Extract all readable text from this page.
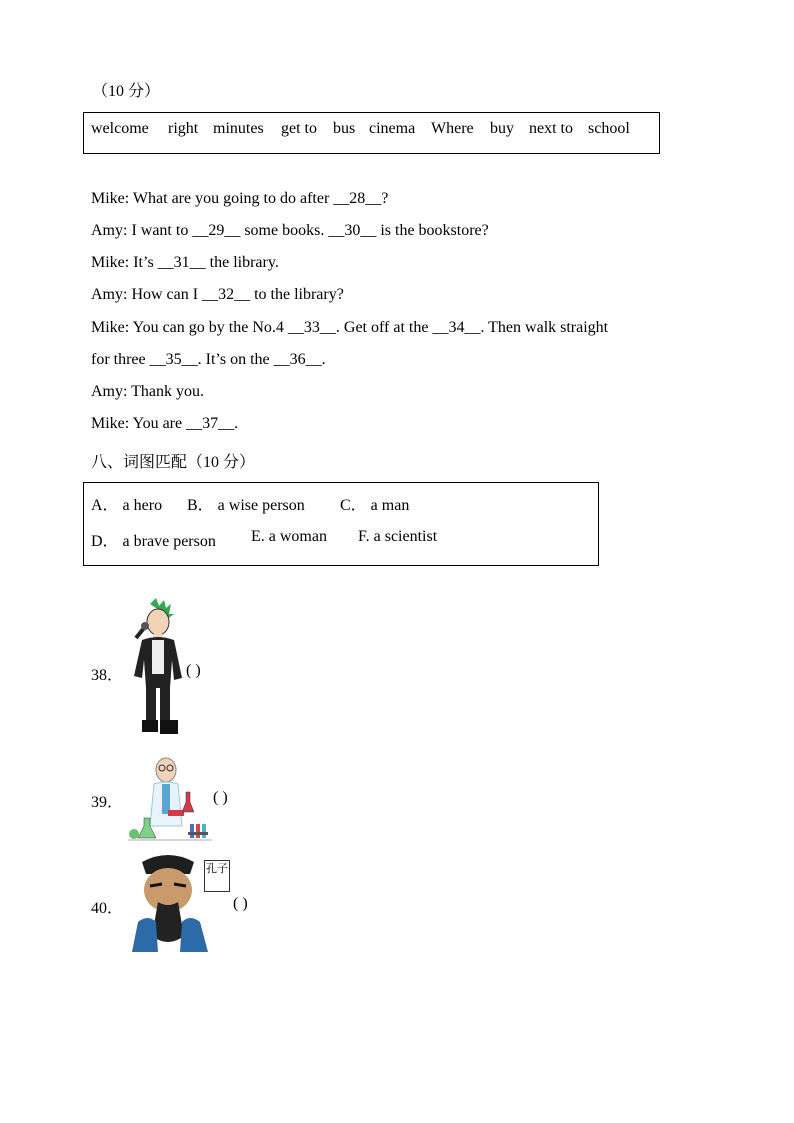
（10 分）
welcome right minutes get to bus cinema Where buy next to school
Mike: What are you going to do after __28__?
Amy: I want to __29__ some books. __30__ is the bookstore?
Mike: It’s __31__ the library.
Amy: How can I __32__ to the library?
Mike: You can go by the No.4 __33__. Get off at the __34__. Then walk straight
for three __35__. It’s on the __36__.
Amy: Thank you.
Mike: You are __37__.
八、词图匹配（10 分）
A． a hero B． a wise person C． a man
D． a brave person E. a woman F. a scientist
38．	( )
39．	( )
40．
孔子
( )
